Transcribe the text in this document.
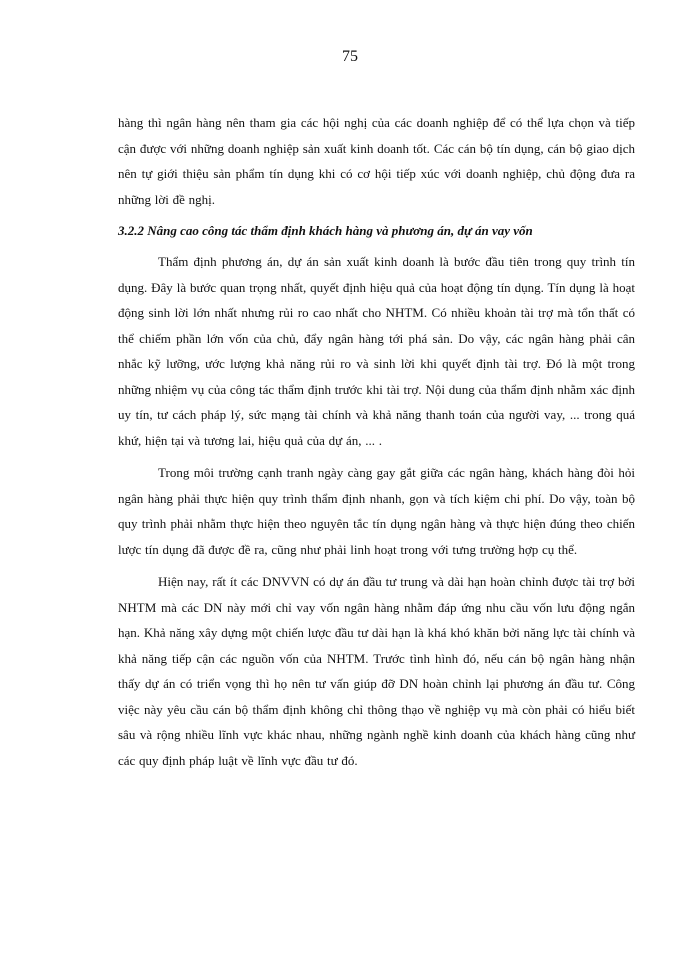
75

hàng thì ngân hàng nên tham gia các hội nghị của các doanh nghiệp để có thể lựa chọn và tiếp cận được với những doanh nghiệp sản xuất kinh doanh tốt. Các cán bộ tín dụng, cán bộ giao dịch nên tự giới thiệu sản phẩm tín dụng khi có cơ hội tiếp xúc với doanh nghiệp, chủ động đưa ra những lời đề nghị.

3.2.2 Nâng cao công tác thẩm định khách hàng và phương án, dự án vay vốn

Thẩm định phương án, dự án sản xuất kinh doanh là bước đầu tiên trong quy trình tín dụng. Đây là bước quan trọng nhất, quyết định hiệu quả của hoạt động tín dụng. Tín dụng là hoạt động sinh lời lớn nhất nhưng rủi ro cao nhất cho NHTM. Có nhiều khoản tài trợ mà tổn thất có thể chiếm phần lớn vốn của chủ, đẩy ngân hàng tới phá sản. Do vậy, các ngân hàng phải cân nhắc kỹ lưỡng, ước lượng khả năng rủi ro và sinh lời khi quyết định tài trợ. Đó là một trong những nhiệm vụ của công tác thẩm định trước khi tài trợ. Nội dung của thẩm định nhằm xác định uy tín, tư cách pháp lý, sức mạng tài chính và khả năng thanh toán của người vay, ... trong quá khứ, hiện tại và tương lai, hiệu quả của dự án, ... .

Trong môi trường cạnh tranh ngày càng gay gắt giữa các ngân hàng, khách hàng đòi hỏi ngân hàng phải thực hiện quy trình thẩm định nhanh, gọn và tích kiệm chi phí. Do vậy, toàn bộ quy trình phải nhằm thực hiện theo nguyên tắc tín dụng ngân hàng và thực hiện đúng theo chiến lược tín dụng đã được đề ra, cũng như phải linh hoạt trong với tưng trường hợp cụ thể.

Hiện nay, rất ít các DNVVN có dự án đầu tư trung và dài hạn hoàn chỉnh được tài trợ bởi NHTM mà các DN này mới chỉ vay vốn ngân hàng nhằm đáp ứng nhu cầu vốn lưu động ngắn hạn. Khả năng xây dựng một chiến lược đầu tư dài hạn là khá khó khăn bởi năng lực tài chính và khả năng tiếp cận các nguồn vốn của NHTM. Trước tình hình đó, nếu cán bộ ngân hàng nhận thấy dự án có triển vọng thì họ nên tư vấn giúp đỡ DN hoàn chỉnh lại phương án đầu tư. Công việc này yêu cầu cán bộ thẩm định không chỉ thông thạo về nghiệp vụ mà còn phải có hiểu biết sâu và rộng nhiều lĩnh vực khác nhau, những ngành nghề kinh doanh của khách hàng cũng như các quy định pháp luật về lĩnh vực đầu tư đó.
